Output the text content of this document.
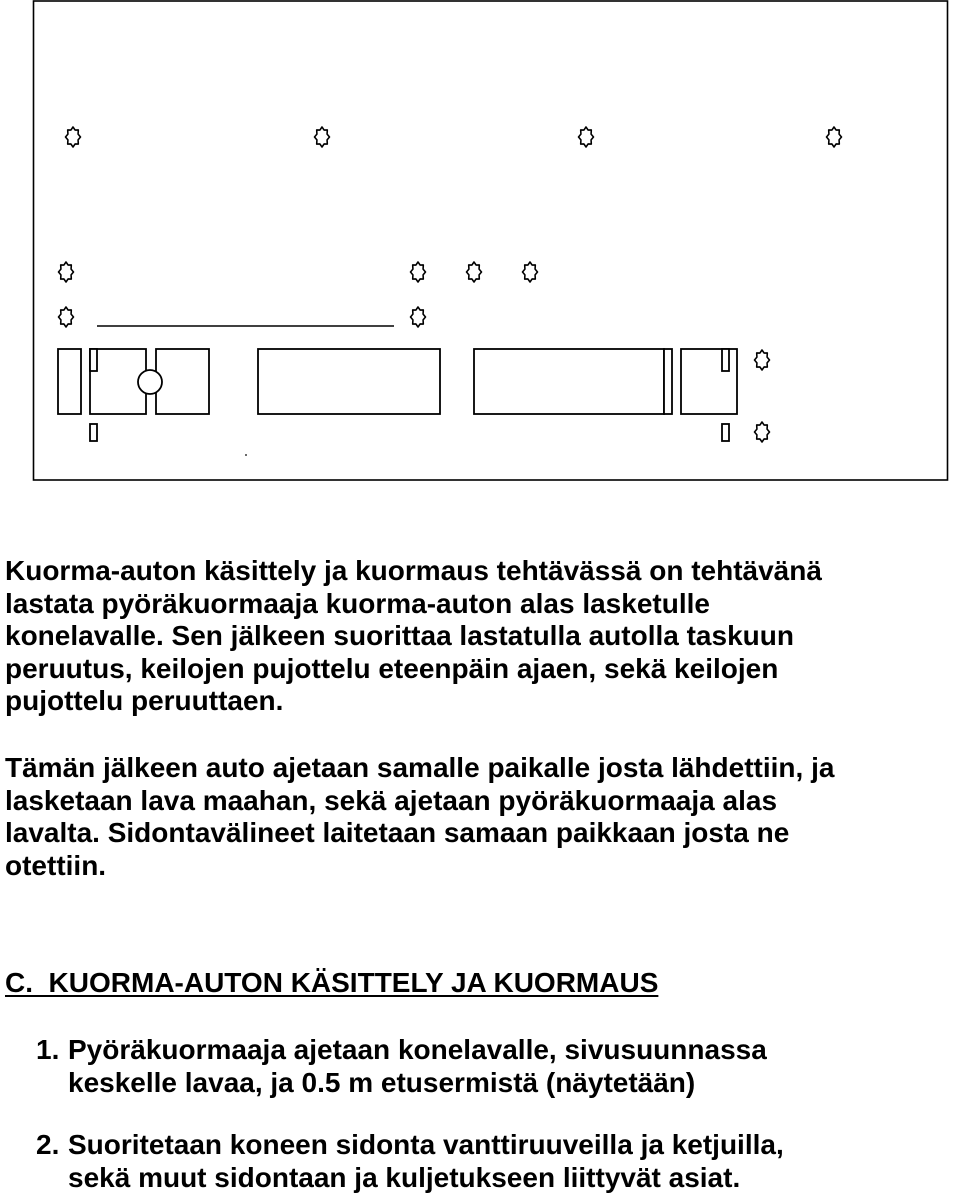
Kuorma-auton käsittely ja kuormaus tehtävässä on tehtävänä
lastata pyöräkuormaaja kuorma-auton alas lasketulle
konelavalle. Sen jälkeen suorittaa lastatulla autolla taskuun
peruutus, keilojen pujottelu eteenpäin ajaen, sekä keilojen
pujottelu peruuttaen.
Tämän jälkeen auto ajetaan samalle paikalle josta lähdettiin, ja
lasketaan lava maahan, sekä ajetaan pyöräkuormaaja alas
lavalta. Sidontavälineet laitetaan samaan paikkaan josta ne
otettiin.
C.  KUORMA-AUTON KÄSITTELY JA KUORMAUS
1. Pyöräkuormaaja ajetaan konelavalle, sivusuunnassa
keskelle lavaa, ja 0.5 m etusermistä (näytetään)
2. Suoritetaan koneen sidonta vanttiruuveilla ja ketjuilla,
sekä muut sidontaan ja kuljetukseen liittyvät asiat.
